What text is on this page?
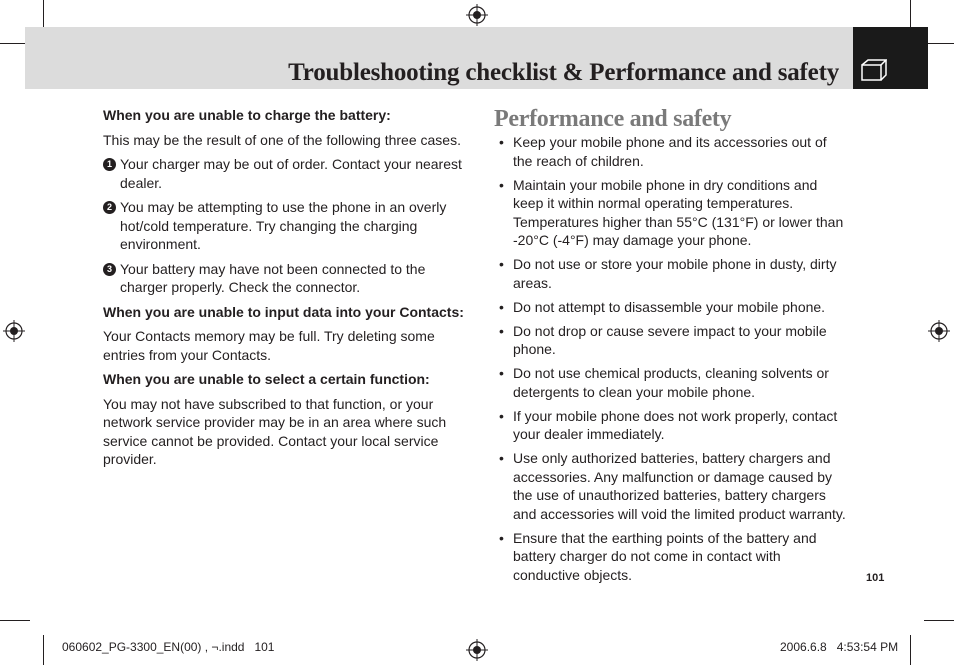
Troubleshooting checklist & Performance and safety

When you are unable to charge the battery:

This may be the result of one of the following three cases.

1 Your charger may be out of order. Contact your nearest dealer.
2 You may be attempting to use the phone in an overly hot/cold temperature. Try changing the charging environment.
3 Your battery may have not been connected to the charger properly. Check the connector.

When you are unable to input data into your Contacts:

Your Contacts memory may be full. Try deleting some entries from your Contacts.

When you are unable to select a certain function:

You may not have subscribed to that function, or your network service provider may be in an area where such service cannot be provided. Contact your local service provider.

Performance and safety
• Keep your mobile phone and its accessories out of the reach of children.
• Maintain your mobile phone in dry conditions and keep it within normal operating temperatures. Temperatures higher than 55°C (131°F) or lower than -20°C (-4°F) may damage your phone.
• Do not use or store your mobile phone in dusty, dirty areas.
• Do not attempt to disassemble your mobile phone.
• Do not drop or cause severe impact to your mobile phone.
• Do not use chemical products, cleaning solvents or detergents to clean your mobile phone.
• If your mobile phone does not work properly, contact your dealer immediately.
• Use only authorized batteries, battery chargers and accessories. Any malfunction or damage caused by the use of unauthorized batteries, battery chargers and accessories will void the limited product warranty.
• Ensure that the earthing points of the battery and battery charger do not come in contact with conductive objects.	101
060602_PG-3300_EN(00) , ¬.indd   101	2006.6.8   4:53:54 PM
